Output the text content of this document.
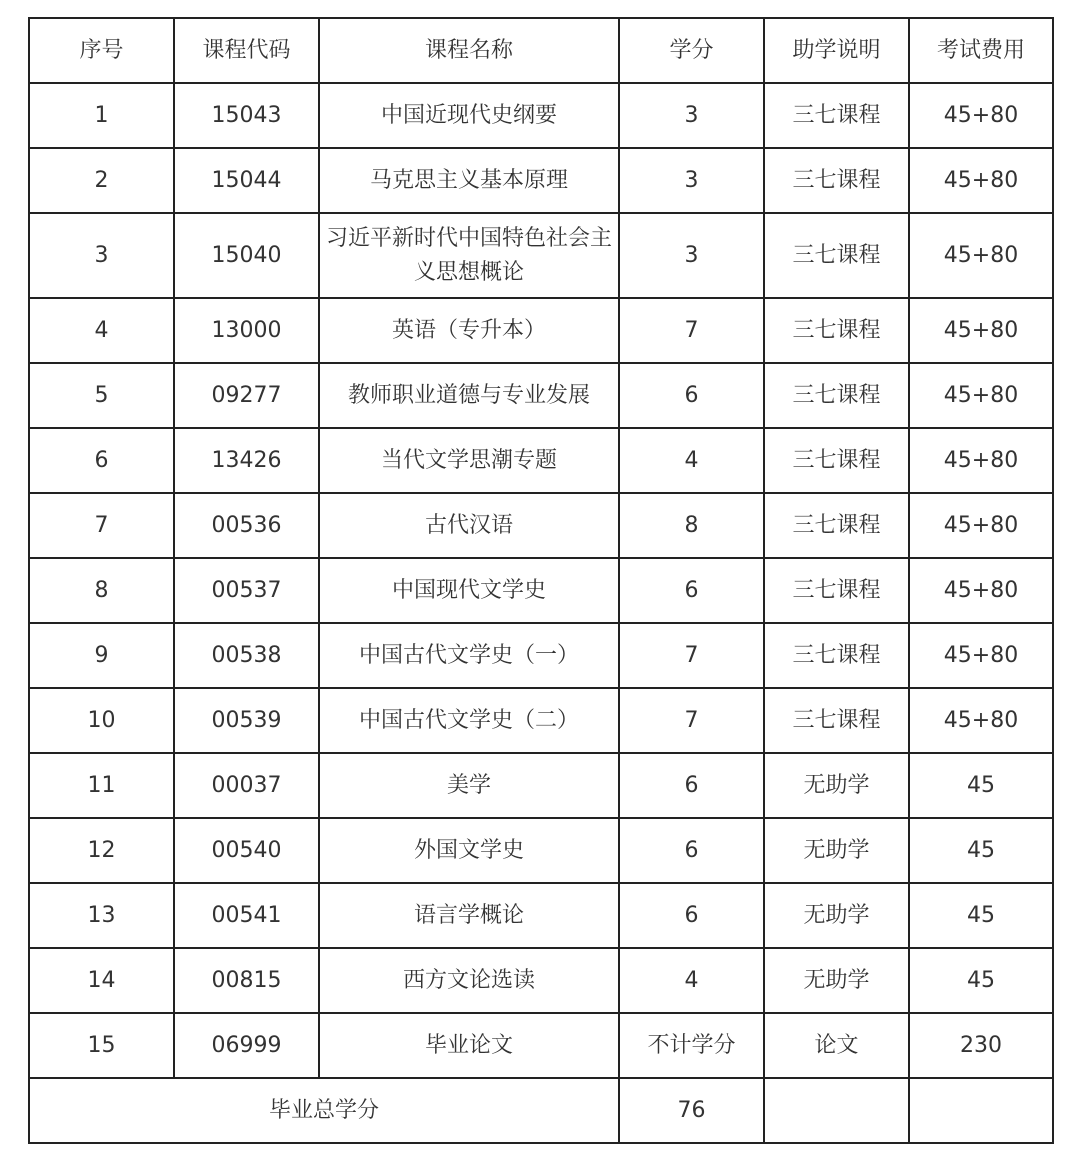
序号	课程代码	课程名称	学分	助学说明	考试费用
1	15043	中国近现代史纲要	3	三七课程	45+80
2	15044	马克思主义基本原理	3	三七课程	45+80
3	15040	习近平新时代中国特色社会主义思想概论	3	三七课程	45+80
4	13000	英语（专升本）	7	三七课程	45+80
5	09277	教师职业道德与专业发展	6	三七课程	45+80
6	13426	当代文学思潮专题	4	三七课程	45+80
7	00536	古代汉语	8	三七课程	45+80
8	00537	中国现代文学史	6	三七课程	45+80
9	00538	中国古代文学史（一）	7	三七课程	45+80
10	00539	中国古代文学史（二）	7	三七课程	45+80
11	00037	美学	6	无助学	45
12	00540	外国文学史	6	无助学	45
13	00541	语言学概论	6	无助学	45
14	00815	西方文论选读	4	无助学	45
15	06999	毕业论文	不计学分	论文	230
毕业总学分			76		
